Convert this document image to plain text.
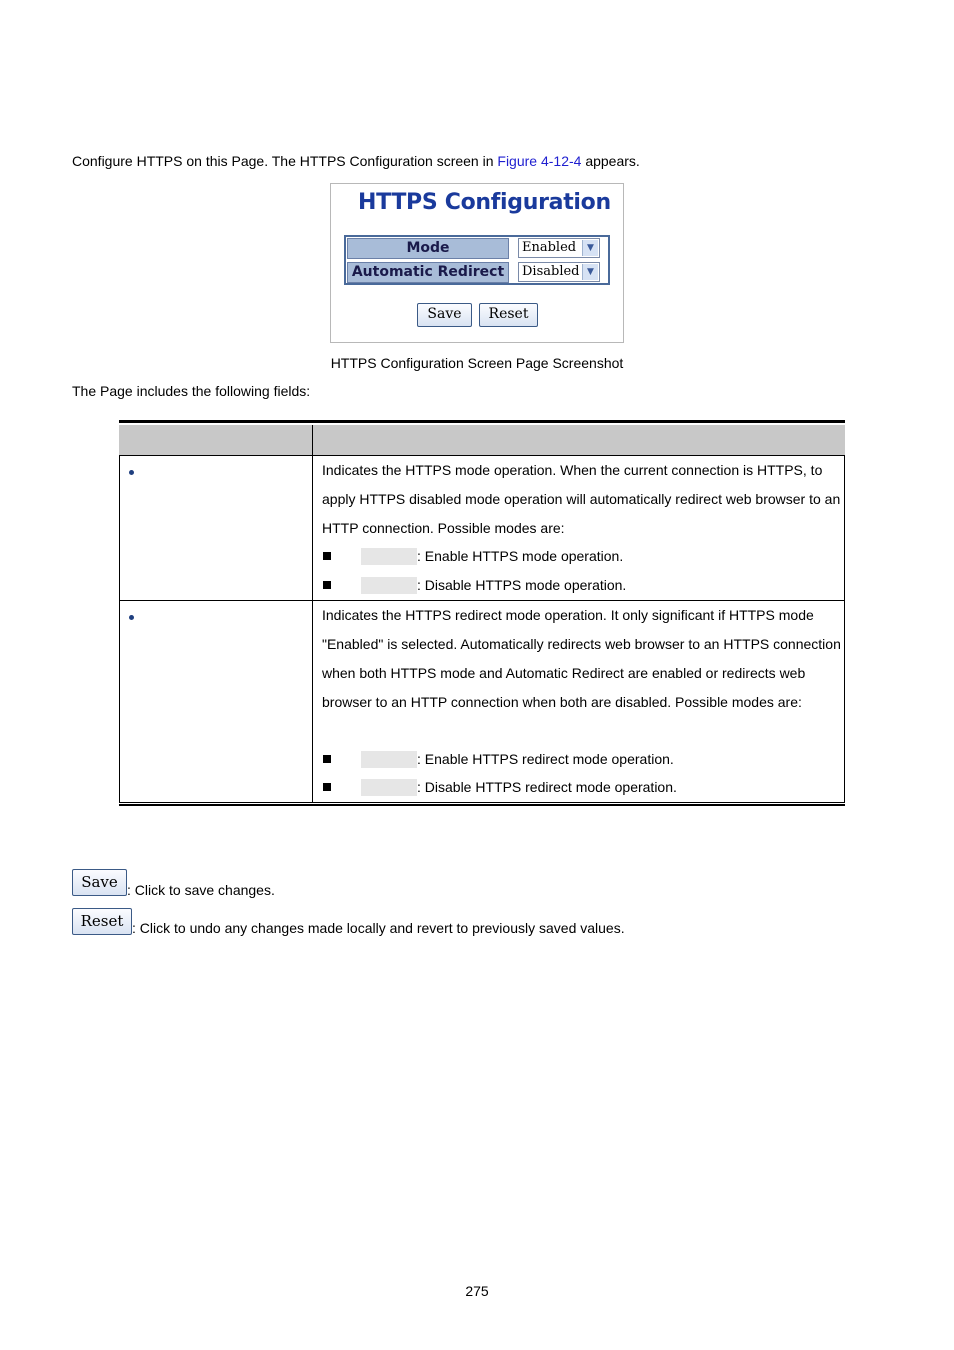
Configure HTTPS on this Page. The HTTPS Configuration screen in Figure 4-12-4 appears.
HTTPS Configuration
Mode	Enabled	▼
Automatic Redirect	Disabled ▼
Save	Reset
HTTPS Configuration Screen Page Screenshot
The Page includes the following fields:
Indicates the HTTPS mode operation. When the current connection is HTTPS, to apply HTTPS disabled mode operation will automatically redirect web browser to an HTTP connection. Possible modes are:
: Enable HTTPS mode operation.
: Disable HTTPS mode operation.
Indicates the HTTPS redirect mode operation. It only significant if HTTPS mode "Enabled" is selected. Automatically redirects web browser to an HTTPS connection when both HTTPS mode and Automatic Redirect are enabled or redirects web browser to an HTTP connection when both are disabled. Possible modes are:
: Enable HTTPS redirect mode operation.
: Disable HTTPS redirect mode operation.
Save : Click to save changes.
Reset : Click to undo any changes made locally and revert to previously saved values.
275
